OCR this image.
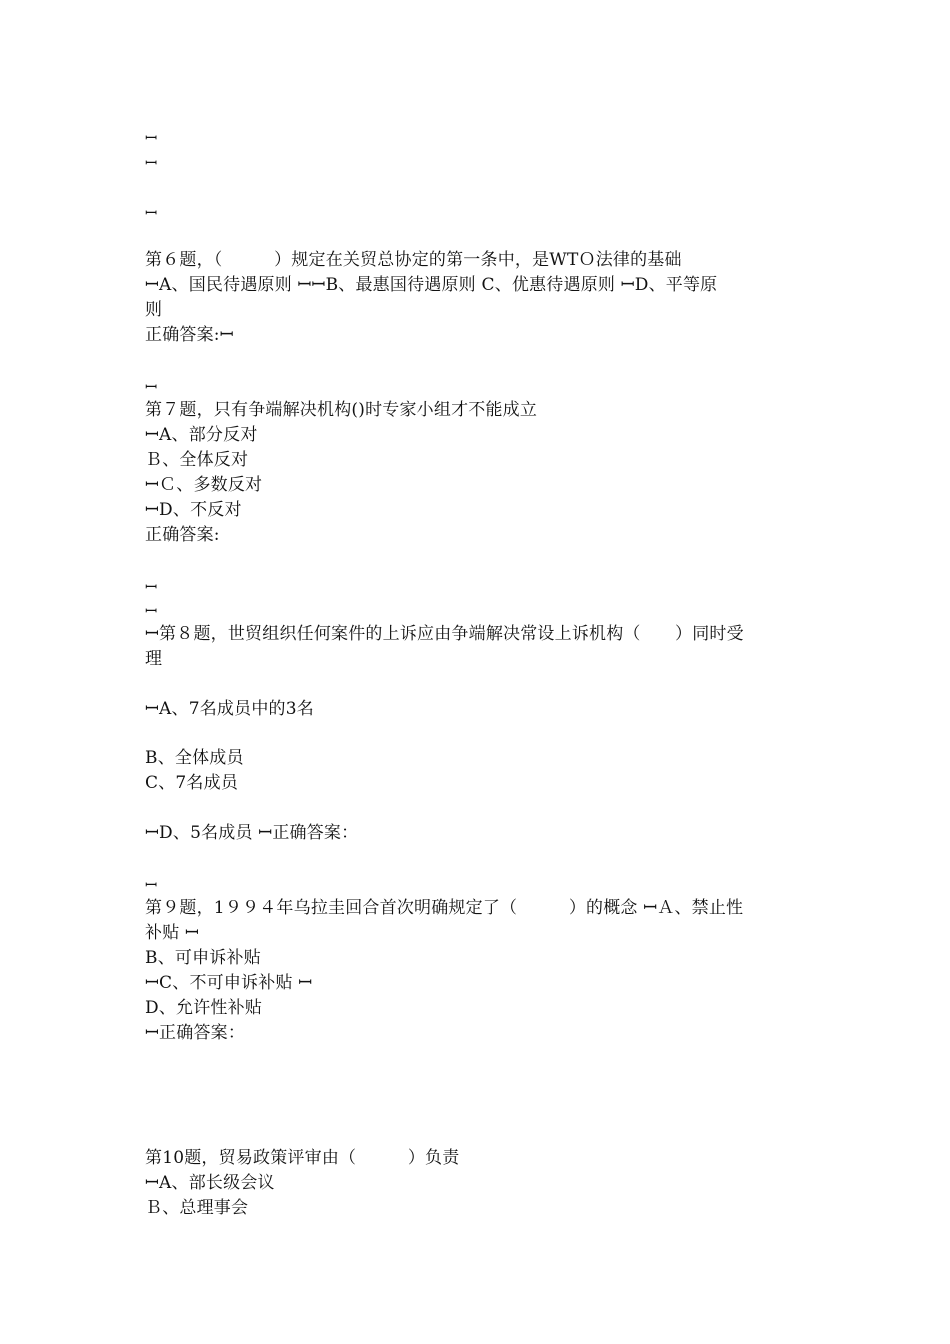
ꟷ
ꟷ
ꟷ
第６题，（　　　）规定在关贸总协定的第一条中，是WTＯ法律的基础
ꟷA、国民待遇原则 ꟷꟷB、最惠国待遇原则 C、优惠待遇原则 ꟷD、平等原
则
正确答案:ꟷ
ꟷ
第７题，只有争端解决机构()时专家小组才不能成立
ꟷA、部分反对
Ｂ、全体反对
ꟷＣ、多数反对
ꟷD、不反对
正确答案:
ꟷ
ꟷ
ꟷ第８题，世贸组织任何案件的上诉应由争端解决常设上诉机构（　　）同时受
理
ꟷA、7名成员中的3名
B、全体成员
C、7名成员
ꟷD、5名成员 ꟷ正确答案：
ꟷ
第９题，1９９４年乌拉圭回合首次明确规定了（　　　）的概念 ꟷＡ、禁止性
补贴 ꟷ
B、可申诉补贴
ꟷC、不可申诉补贴 ꟷ
D、允许性补贴
ꟷ正确答案：
第10题，贸易政策评审由（　　　）负责
ꟷA、部长级会议
Ｂ、总理事会
